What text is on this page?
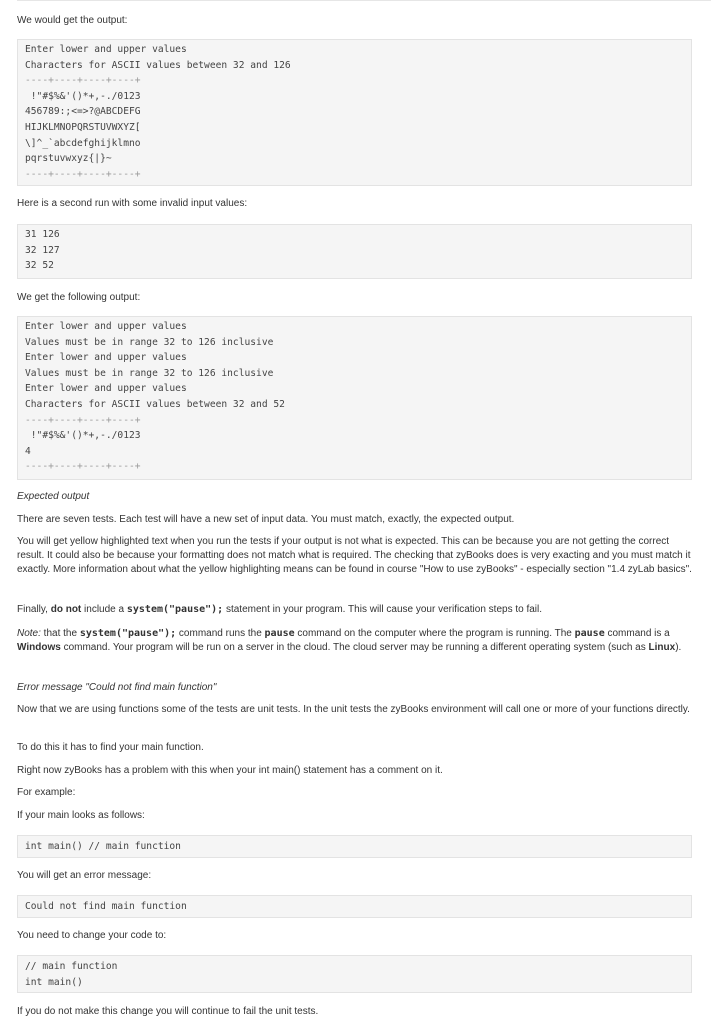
We would get the output:
Enter lower and upper values
Characters for ASCII values between 32 and 126
----+----+----+----+
!"#$%&'()*+,-./0123
456789:;<=>?@ABCDEFG
HIJKLMNOPQRSTUVWXYZ[
\]^_`abcdefghijklmno
pqrstuvwxyz{|}~
----+----+----+----+
Here is a second run with some invalid input values:
31 126
32 127
32 52
We get the following output:
Enter lower and upper values
Values must be in range 32 to 126 inclusive
Enter lower and upper values
Values must be in range 32 to 126 inclusive
Enter lower and upper values
Characters for ASCII values between 32 and 52
----+----+----+----+
!"#$%&'()*+,-./0123
4
----+----+----+----+
Expected output
There are seven tests. Each test will have a new set of input data. You must match, exactly, the expected output.
You will get yellow highlighted text when you run the tests if your output is not what is expected. This can be because you are not getting the correct result. It could also be because your formatting does not match what is required. The checking that zyBooks does is very exacting and you must match it exactly. More information about what the yellow highlighting means can be found in course "How to use zyBooks" - especially section "1.4 zyLab basics".
Finally, do not include a system("pause"); statement in your program. This will cause your verification steps to fail.
Note: that the system("pause"); command runs the pause command on the computer where the program is running. The pause command is a Windows command. Your program will be run on a server in the cloud. The cloud server may be running a different operating system (such as Linux).
Error message "Could not find main function"
Now that we are using functions some of the tests are unit tests. In the unit tests the zyBooks environment will call one or more of your functions directly.
To do this it has to find your main function.
Right now zyBooks has a problem with this when your int main() statement has a comment on it.
For example:
If your main looks as follows:
int main() // main function
You will get an error message:
Could not find main function
You need to change your code to:
// main function
int main()
If you do not make this change you will continue to fail the unit tests.
